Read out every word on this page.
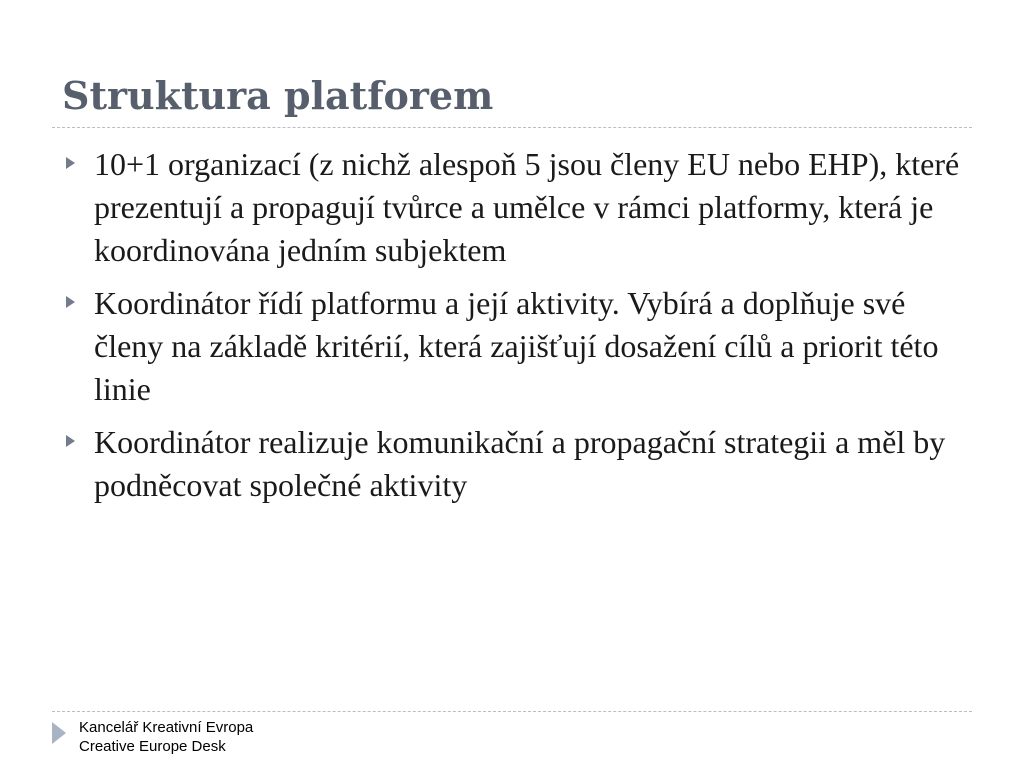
Struktura platforem
10+1 organizací (z nichž alespoň 5 jsou členy EU nebo EHP), které prezentují a propagují tvůrce a umělce v rámci platformy, která je koordinována jedním subjektem
Koordinátor řídí platformu a její aktivity. Vybírá a doplňuje své členy na základě kritérií, která zajišťují dosažení cílů a priorit této linie
Koordinátor realizuje komunikační a propagační strategii a měl by podněcovat společné aktivity
Kancelář Kreativní Evropa
Creative Europe Desk
